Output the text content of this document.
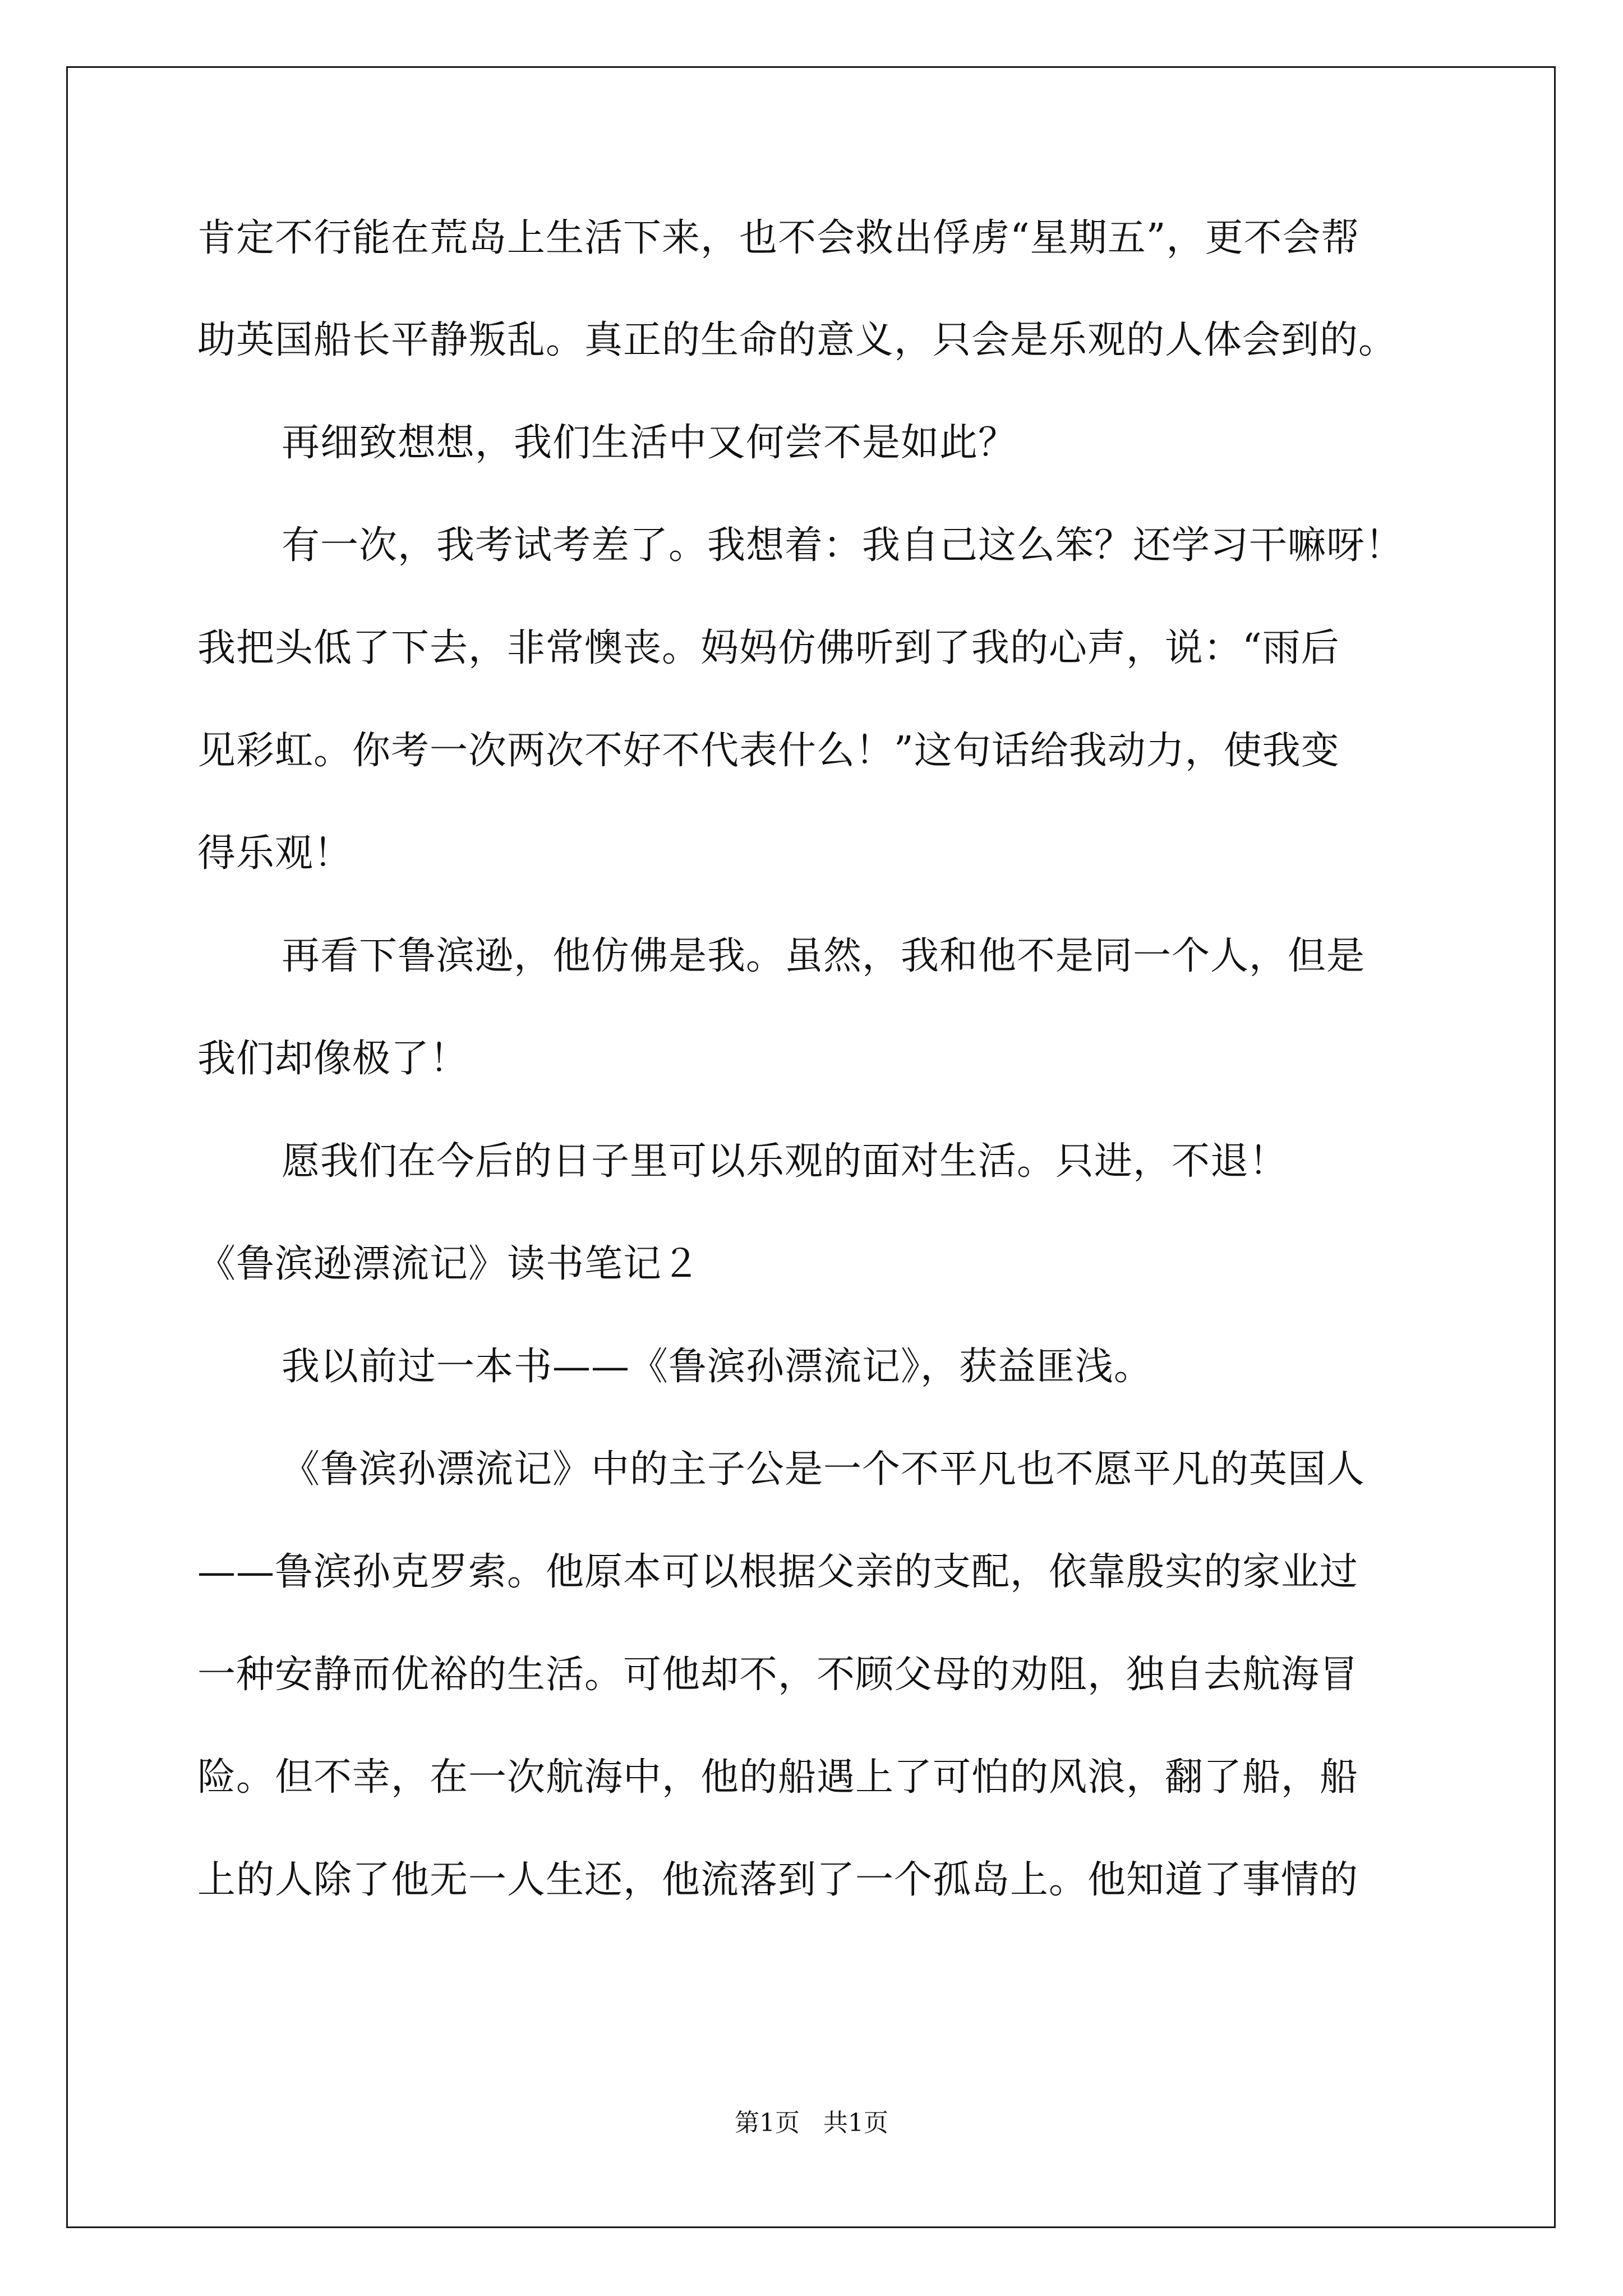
肯定不行能在荒岛上生活下来，也不会救出俘虏“星期五”，更不会帮
助英国船长平静叛乱。真正的生命的意义，只会是乐观的人体会到的。
再细致想想，我们生活中又何尝不是如此？
有一次，我考试考差了。我想着：我自己这么笨？还学习干嘛呀！
我把头低了下去，非常懊丧。妈妈仿佛听到了我的心声，说：“雨后
见彩虹。你考一次两次不好不代表什么！”这句话给我动力，使我变
得乐观！
再看下鲁滨逊，他仿佛是我。虽然，我和他不是同一个人，但是
我们却像极了！
愿我们在今后的日子里可以乐观的面对生活。只进，不退！
《鲁滨逊漂流记》读书笔记２
我以前过一本书——《鲁滨孙漂流记》，获益匪浅。
《鲁滨孙漂流记》中的主子公是一个不平凡也不愿平凡的英国人
——鲁滨孙克罗索。他原本可以根据父亲的支配，依靠殷实的家业过
一种安静而优裕的生活。可他却不，不顾父母的劝阻，独自去航海冒
险。但不幸，在一次航海中，他的船遇上了可怕的风浪，翻了船，船
上的人除了他无一人生还，他流落到了一个孤岛上。他知道了事情的
第1页   共1页
